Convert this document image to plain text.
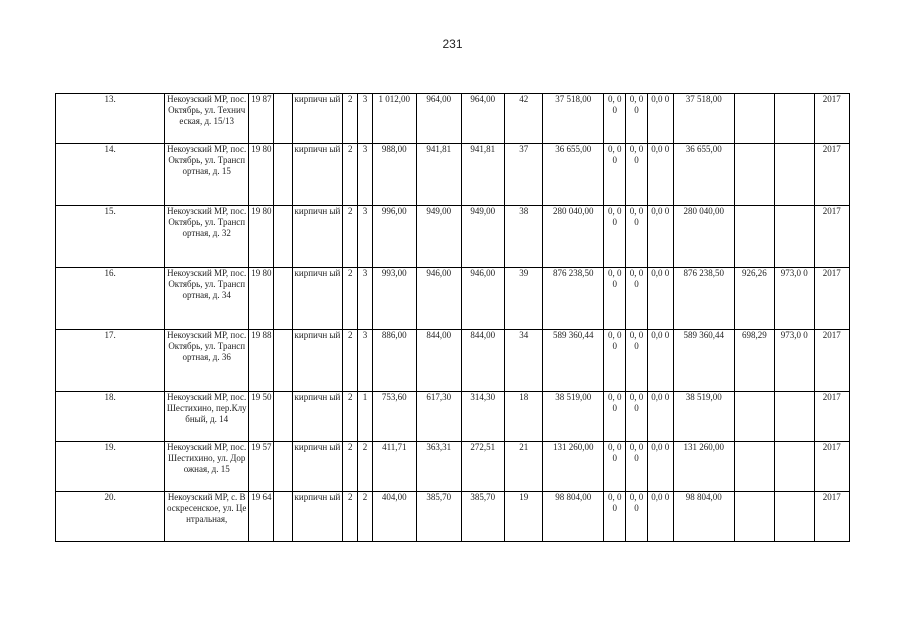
231
13.	Некоузский МР, пос. Октябрь, ул. Техническая, д. 15/13	19 87		кирпичн ый	2	3	1 012,00	964,00	964,00	42	37 518,00	0, 0 0	0, 0 0	0,0 0	37 518,00			2017
14.	Некоузский МР, пос. Октябрь, ул. Транспортная, д. 15	19 80		кирпичн ый	2	3	988,00	941,81	941,81	37	36 655,00	0, 0 0	0, 0 0	0,0 0	36 655,00			2017
15.	Некоузский МР, пос. Октябрь, ул. Транспортная, д. 32	19 80		кирпичн ый	2	3	996,00	949,00	949,00	38	280 040,00	0, 0 0	0, 0 0	0,0 0	280 040,00			2017
16.	Некоузский МР, пос. Октябрь, ул. Транспортная, д. 34	19 80		кирпичн ый	2	3	993,00	946,00	946,00	39	876 238,50	0, 0 0	0, 0 0	0,0 0	876 238,50	926,26	973,0 0	2017
17.	Некоузский МР, пос. Октябрь, ул. Транспортная, д. 36	19 88		кирпичн ый	2	3	886,00	844,00	844,00	34	589 360,44	0, 0 0	0, 0 0	0,0 0	589 360,44	698,29	973,0 0	2017
18.	Некоузский МР, пос. Шестихино, пер.Клубный, д. 14	19 50		кирпичн ый	2	1	753,60	617,30	314,30	18	38 519,00	0, 0 0	0, 0 0	0,0 0	38 519,00			2017
19.	Некоузский МР, пос. Шестихино, ул. Дорожная, д. 15	19 57		кирпичн ый	2	2	411,71	363,31	272,51	21	131 260,00	0, 0 0	0, 0 0	0,0 0	131 260,00			2017
20.	Некоузский МР, с. Воскресенское, ул. Центральная,	19 64		кирпичн ый	2	2	404,00	385,70	385,70	19	98 804,00	0, 0 0	0, 0 0	0,0 0	98 804,00			2017
